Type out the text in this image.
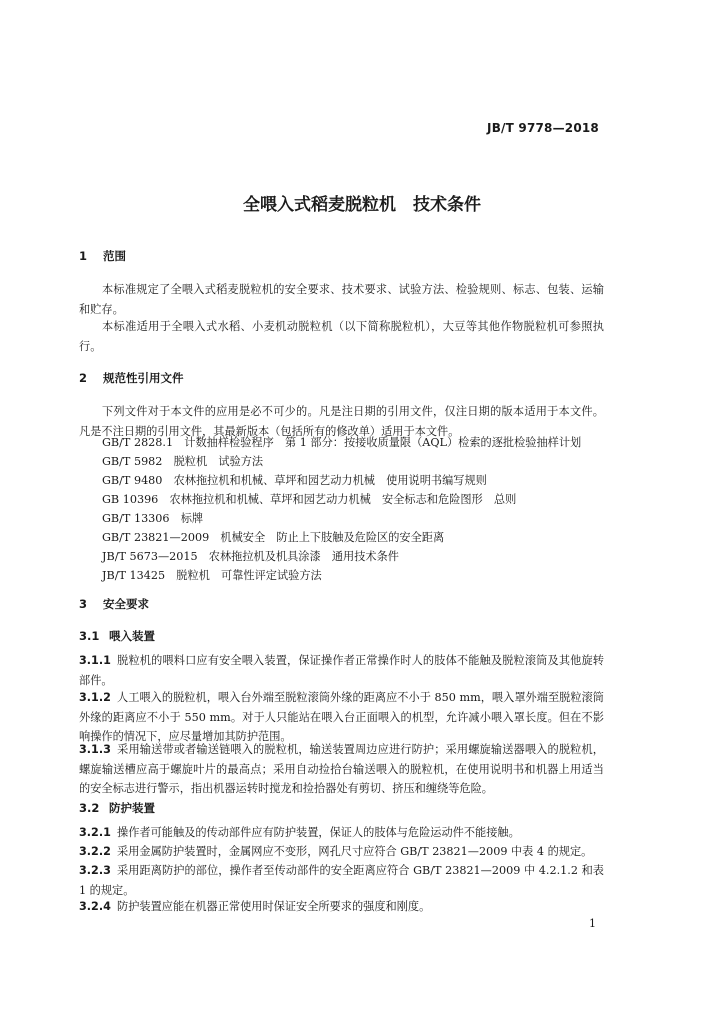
JB/T 9778—2018
全喂入式稻麦脱粒机　技术条件
1 范围

本标准规定了全喂入式稻麦脱粒机的安全要求、技术要求、试验方法、检验规则、标志、包装、运输和贮存。

本标准适用于全喂入式水稻、小麦机动脱粒机（以下简称脱粒机），大豆等其他作物脱粒机可参照执行。

2 规范性引用文件

下列文件对于本文件的应用是必不可少的。凡是注日期的引用文件，仅注日期的版本适用于本文件。凡是不注日期的引用文件，其最新版本（包括所有的修改单）适用于本文件。

GB/T 2828.1　计数抽样检验程序　第 1 部分：按接收质量限（AQL）检索的逐批检验抽样计划
GB/T 5982　脱粒机　试验方法
GB/T 9480　农林拖拉机和机械、草坪和园艺动力机械　使用说明书编写规则
GB 10396　农林拖拉机和机械、草坪和园艺动力机械　安全标志和危险图形　总则
GB/T 13306　标牌
GB/T 23821—2009　机械安全　防止上下肢触及危险区的安全距离
JB/T 5673—2015　农林拖拉机及机具涂漆　通用技术条件
JB/T 13425　脱粒机　可靠性评定试验方法
3 安全要求
3.1 喂入装置

3.1.1 脱粒机的喂料口应有安全喂入装置，保证操作者正常操作时人的肢体不能触及脱粒滚筒及其他旋转部件。

3.1.2 人工喂入的脱粒机，喂入台外端至脱粒滚筒外缘的距离应不小于 850 mm，喂入罩外端至脱粒滚筒外缘的距离应不小于 550 mm。对于人只能站在喂入台正面喂入的机型，允许减小喂入罩长度。但在不影响操作的情况下，应尽量增加其防护范围。

3.1.3 采用输送带或者输送链喂入的脱粒机，输送装置周边应进行防护；采用螺旋输送器喂入的脱粒机，螺旋输送槽应高于螺旋叶片的最高点；采用自动捡拾台输送喂入的脱粒机，在使用说明书和机器上用适当的安全标志进行警示，指出机器运转时搅龙和捡拾器处有剪切、挤压和缠绕等危险。

3.2 防护装置

3.2.1 操作者可能触及的传动部件应有防护装置，保证人的肢体与危险运动件不能接触。

3.2.2 采用金属防护装置时，金属网应不变形，网孔尺寸应符合 GB/T 23821—2009 中表 4 的规定。

3.2.3 采用距离防护的部位，操作者至传动部件的安全距离应符合 GB/T 23821—2009 中 4.2.1.2 和表 1 的规定。

3.2.4 防护装置应能在机器正常使用时保证安全所要求的强度和刚度。

1
